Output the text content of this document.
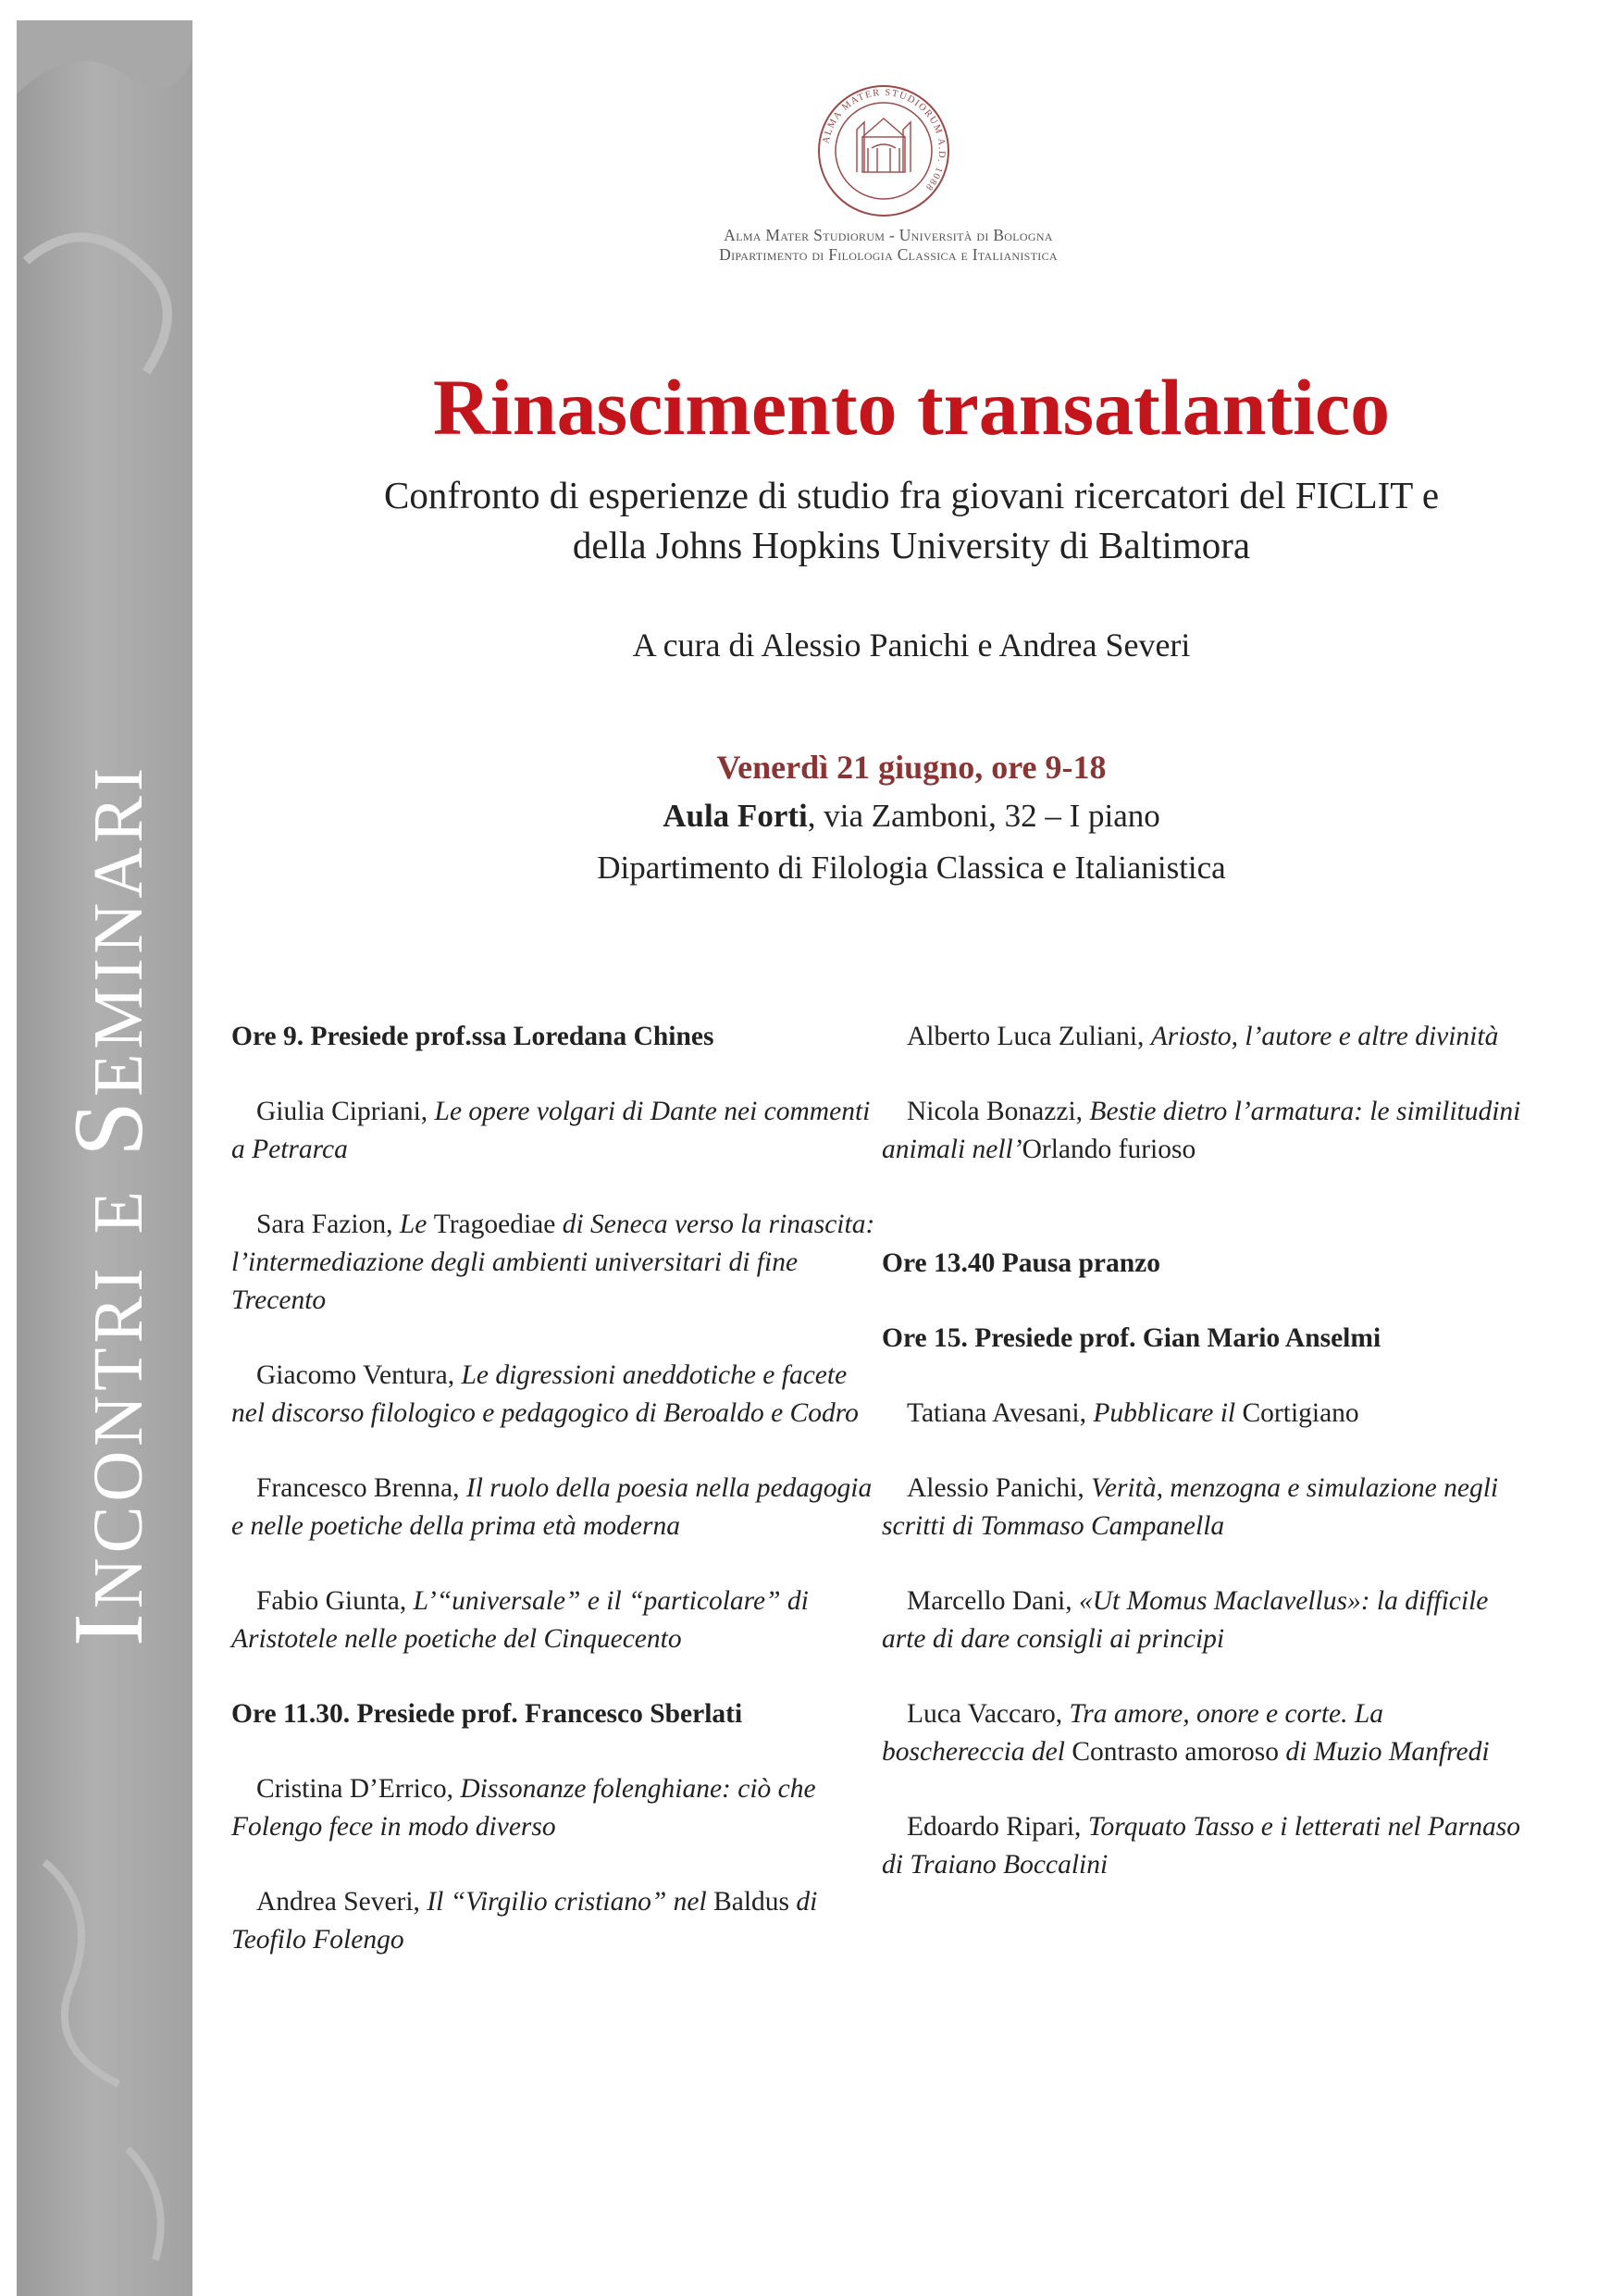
Incontri e Seminari
ALMA MATER STUDIORUM A.D. 1088
Alma Mater Studiorum - Università di Bologna
Dipartimento di Filologia Classica e Italianistica
Rinascimento transatlantico
Confronto di esperienze di studio fra giovani ricercatori del FICLIT e
della Johns Hopkins University di Baltimora
A cura di Alessio Panichi e Andrea Severi
Venerdì 21 giugno, ore 9-18
Aula Forti, via Zamboni, 32 – I piano
Dipartimento di Filologia Classica e Italianistica
Ore 9. Presiede prof.ssa Loredana Chines
Giulia Cipriani, Le opere volgari di Dante nei commenti a Petrarca
Sara Fazion, Le Tragoediae di Seneca verso la rinascita: l’intermediazione degli ambienti universitari di fine Trecento
Giacomo Ventura, Le digressioni aneddotiche e facete nel discorso filologico e pedagogico di Beroaldo e Codro
Francesco Brenna, Il ruolo della poesia nella pedagogia e nelle poetiche della prima età moderna
Fabio Giunta, L’“universale” e il “particolare” di Aristotele nelle poetiche del Cinquecento
Ore 11.30. Presiede prof. Francesco Sberlati
Cristina D’Errico, Dissonanze folenghiane: ciò che Folengo fece in modo diverso
Andrea Severi, Il “Virgilio cristiano” nel Baldus di Teofilo Folengo
Alberto Luca Zuliani, Ariosto, l’autore e altre divinità
Nicola Bonazzi, Bestie dietro l’armatura: le similitudini animali nell’Orlando furioso
Ore 13.40 Pausa pranzo
Ore 15. Presiede prof. Gian Mario Anselmi
Tatiana Avesani, Pubblicare il Cortigiano
Alessio Panichi, Verità, menzogna e simulazione negli scritti di Tommaso Campanella
Marcello Dani, «Ut Momus Maclavellus»: la difficile arte di dare consigli ai principi
Luca Vaccaro, Tra amore, onore e corte. La boschereccia del Contrasto amoroso di Muzio Manfredi
Edoardo Ripari, Torquato Tasso e i letterati nel Parnaso di Traiano Boccalini
